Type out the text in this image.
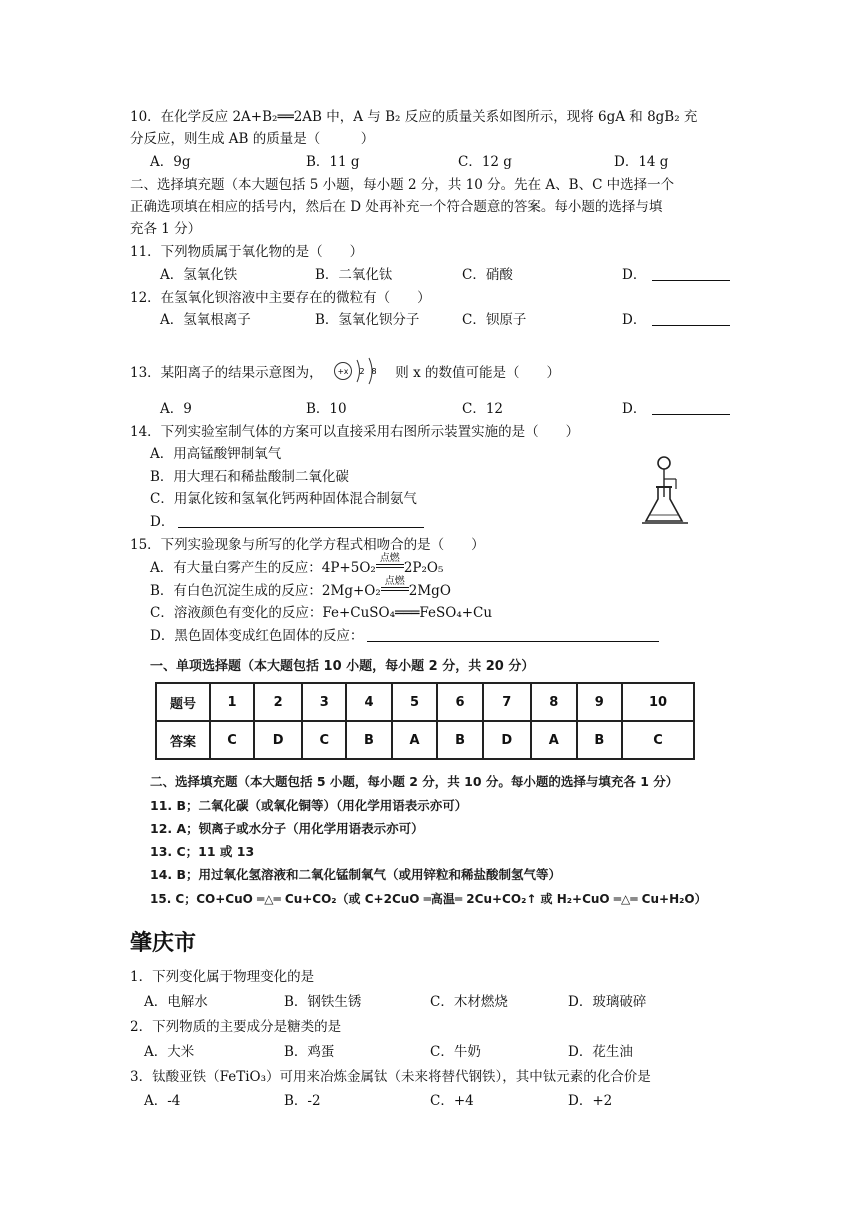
10．在化学反应 2A+B₂══2AB 中，A 与 B₂ 反应的质量关系如图所示，现将 6gA 和 8gB₂ 充
分反应，则生成 AB 的质量是（　　　）
A．9g	B．11 g	C．12 g	D．14 g
二、选择填充题（本大题包括 5 小题，每小题 2 分，共 10 分。先在 A、B、C 中选择一个
正确选项填在相应的括号内，然后在 D 处再补充一个符合题意的答案。每小题的选择与填
充各 1 分）
11．下列物质属于氧化物的是（　　）
A．氢氧化铁	B．二氧化钛	C．硝酸	D．
12．在氢氧化钡溶液中主要存在的微粒有（　　）
A．氢氧根离子	B．氢氧化钡分子	C．钡原子	D．
13．某阳离子的结果示意图为， +x 2 8 则 x 的数值可能是（　　）
A．9	B．10	C．12	D．
14．下列实验室制气体的方案可以直接采用右图所示装置实施的是（　　）
A．用高锰酸钾制氧气
B．用大理石和稀盐酸制二氧化碳
C．用氯化铵和氢氧化钙两种固体混合制氨气
D．
15．下列实验现象与所写的化学方程式相吻合的是（　　）
A．有大量白雾产生的反应：4P+5O₂
点燃
2P₂O₅
B．有白色沉淀生成的反应：2Mg+O₂
点燃
2MgO
C．溶液颜色有变化的反应：Fe+CuSO₄═══FeSO₄+Cu
D．黑色固体变成红色固体的反应：
一、单项选择题（本大题包括 10 小题，每小题 2 分，共 20 分）
题号	1	2	3	4	5	6	7	8	9	10
答案	C	D	C	B	A	B	D	A	B	C
二、选择填充题（本大题包括 5 小题，每小题 2 分，共 10 分。每小题的选择与填充各 1 分）
11. B；二氧化碳（或氧化铜等）（用化学用语表示亦可）
12. A；钡离子或水分子（用化学用语表示亦可）
13. C；11 或 13
14. B；用过氧化氢溶液和二氧化锰制氧气（或用锌粒和稀盐酸制氢气等）
15. C；CO+CuO ═△═ Cu+CO₂（或 C+2CuO ═高温═ 2Cu+CO₂↑ 或 H₂+CuO ═△═ Cu+H₂O）
肇庆市
1．下列变化属于物理变化的是
A．电解水	B．钢铁生锈	C．木材燃烧	D．玻璃破碎
2．下列物质的主要成分是糖类的是
A．大米	B．鸡蛋	C．牛奶	D．花生油
3．钛酸亚铁（FeTiO₃）可用来冶炼金属钛（未来将替代钢铁），其中钛元素的化合价是
A．-4	B．-2	C．+4	D．+2
